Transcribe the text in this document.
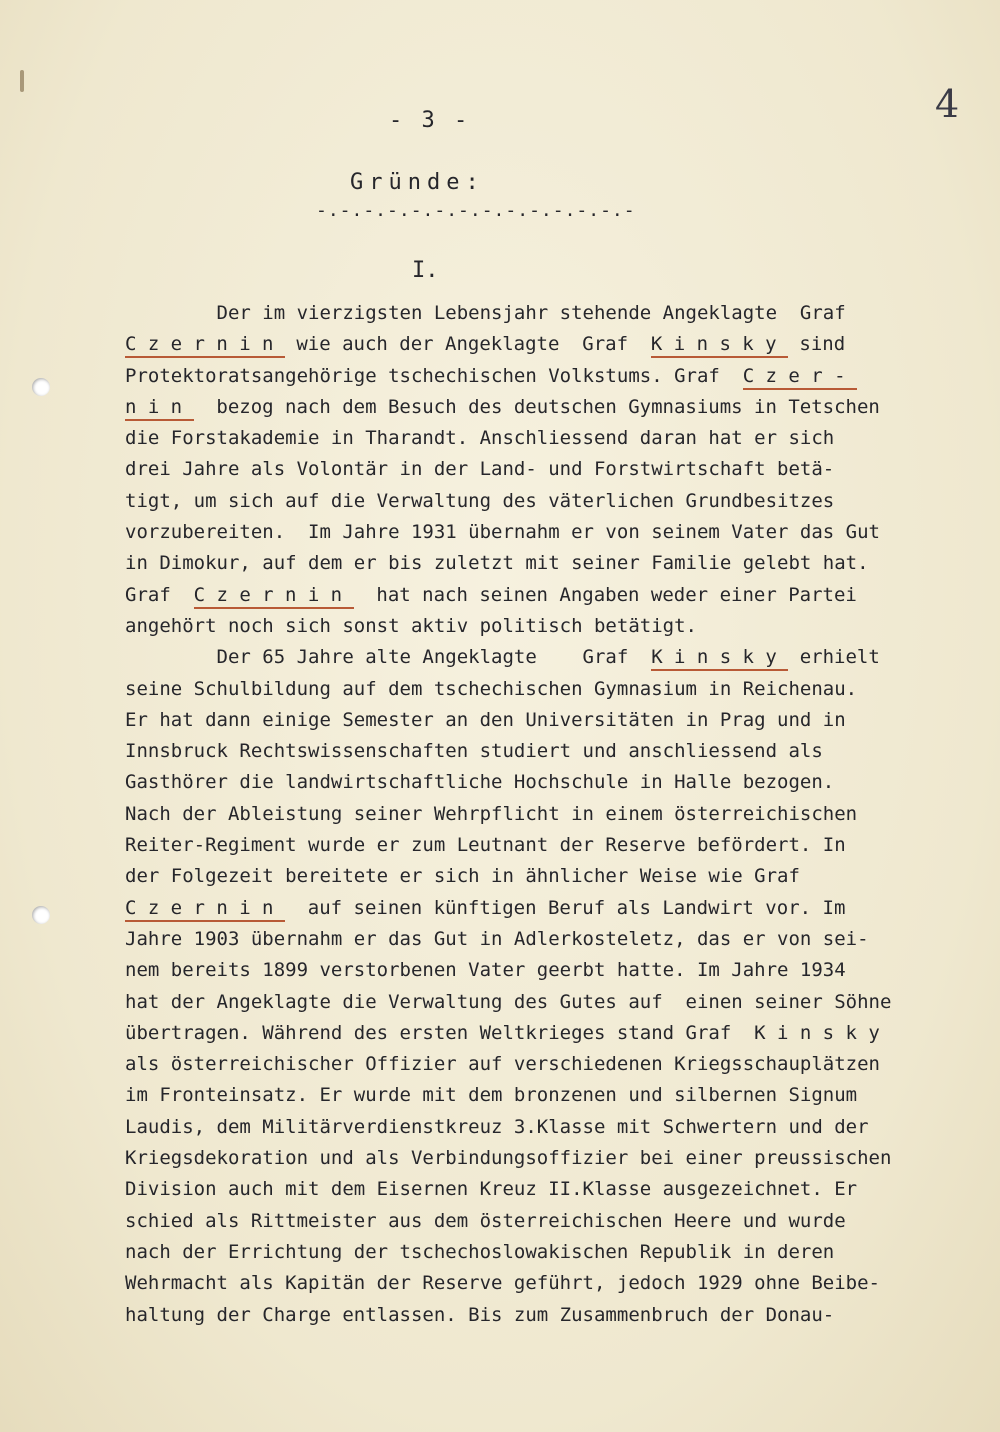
- 3 -	4
Gründe:
-.-.-.-.-.-.-.-.-.-.-.-.-.-
I.
Der im vierzigsten Lebensjahr stehende Angeklagte  Graf
Czernin wie auch der Angeklagte  Graf  Kinsky sind
Protektoratsangehörige tschechischen Volkstums. Graf  Czer-
nin  bezog nach dem Besuch des deutschen Gymnasiums in Tetschen
die Forstakademie in Tharandt. Anschliessend daran hat er sich
drei Jahre als Volontär in der Land- und Forstwirtschaft betä-
tigt, um sich auf die Verwaltung des väterlichen Grundbesitzes
vorzubereiten.  Im Jahre 1931 übernahm er von seinem Vater das Gut
in Dimokur, auf dem er bis zuletzt mit seiner Familie gelebt hat.
Graf  Czernin  hat nach seinen Angaben weder einer Partei
angehört noch sich sonst aktiv politisch betätigt.
Der 65 Jahre alte Angeklagte    Graf  Kinsky erhielt
seine Schulbildung auf dem tschechischen Gymnasium in Reichenau.
Er hat dann einige Semester an den Universitäten in Prag und in
Innsbruck Rechtswissenschaften studiert und anschliessend als
Gasthörer die landwirtschaftliche Hochschule in Halle bezogen.
Nach der Ableistung seiner Wehrpflicht in einem österreichischen
Reiter-Regiment wurde er zum Leutnant der Reserve befördert. In
der Folgezeit bereitete er sich in ähnlicher Weise wie Graf
Czernin  auf seinen künftigen Beruf als Landwirt vor. Im
Jahre 1903 übernahm er das Gut in Adlerkosteletz, das er von sei-
nem bereits 1899 verstorbenen Vater geerbt hatte. Im Jahre 1934
hat der Angeklagte die Verwaltung des Gutes auf  einen seiner Söhne
übertragen. Während des ersten Weltkrieges stand Graf  Kinsky
als österreichischer Offizier auf verschiedenen Kriegsschauplätzen
im Fronteinsatz. Er wurde mit dem bronzenen und silbernen Signum
Laudis, dem Militärverdienstkreuz 3.Klasse mit Schwertern und der
Kriegsdekoration und als Verbindungsoffizier bei einer preussischen
Division auch mit dem Eisernen Kreuz II.Klasse ausgezeichnet. Er
schied als Rittmeister aus dem österreichischen Heere und wurde
nach der Errichtung der tschechoslowakischen Republik in deren
Wehrmacht als Kapitän der Reserve geführt, jedoch 1929 ohne Beibe-
haltung der Charge entlassen. Bis zum Zusammenbruch der Donau-
